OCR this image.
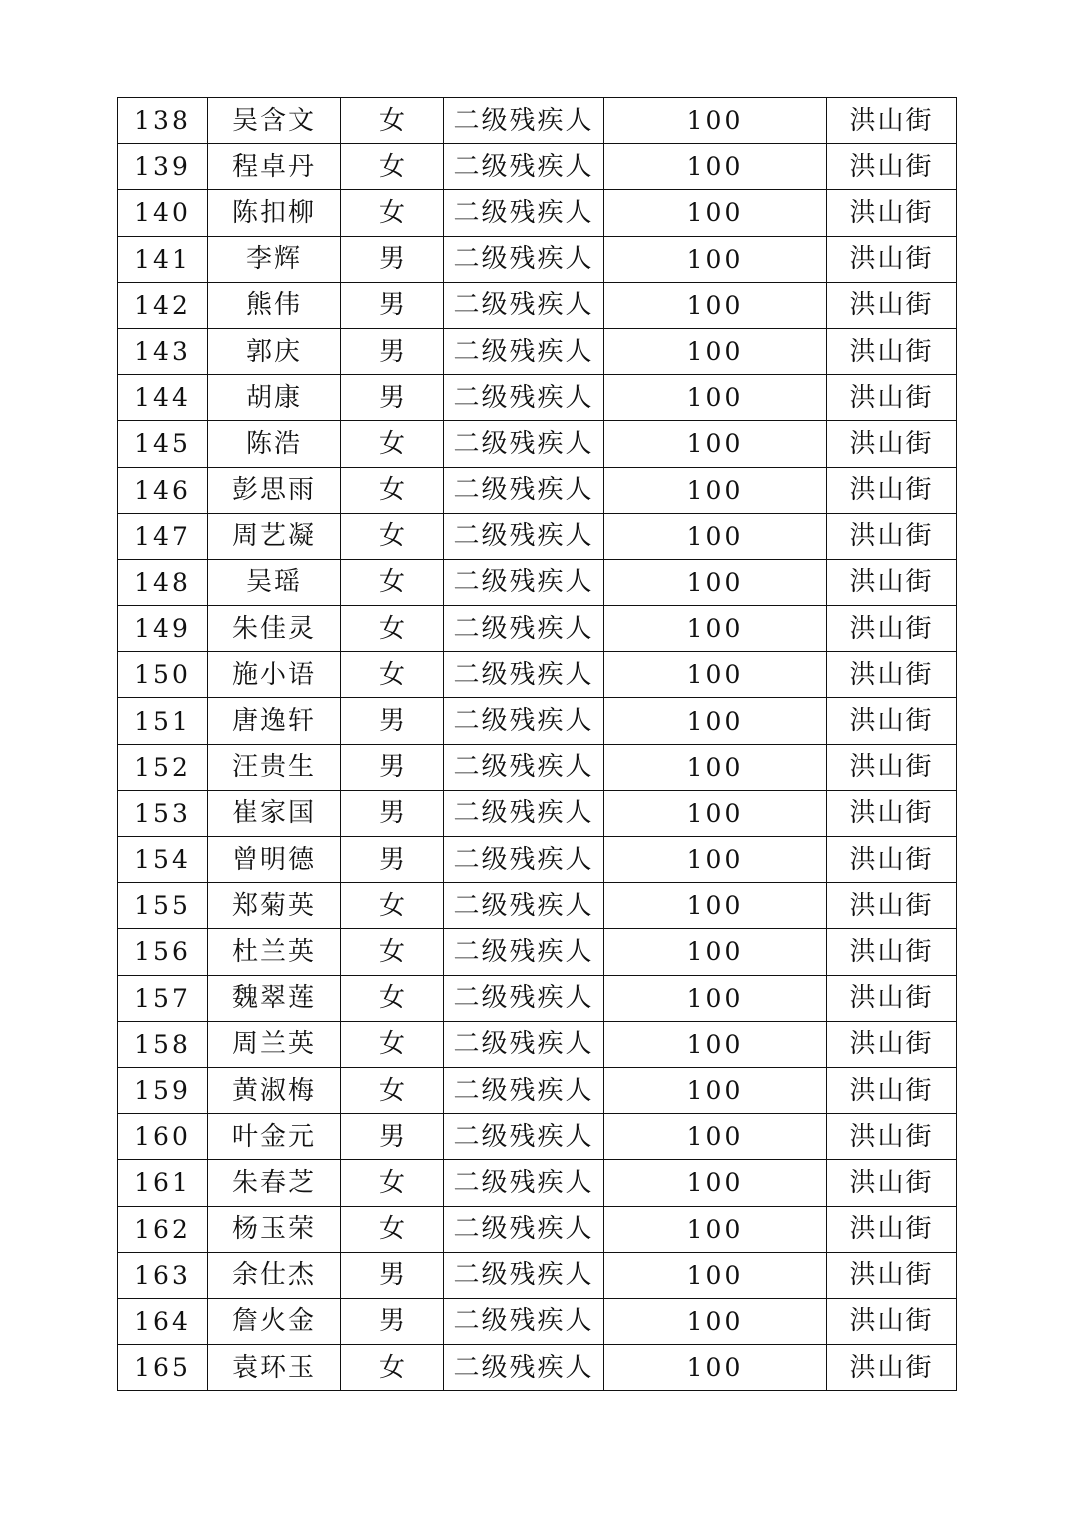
138	吴含文	女	二级残疾人	100	洪山街
139	程卓丹	女	二级残疾人	100	洪山街
140	陈扣柳	女	二级残疾人	100	洪山街
141	李辉	男	二级残疾人	100	洪山街
142	熊伟	男	二级残疾人	100	洪山街
143	郭庆	男	二级残疾人	100	洪山街
144	胡康	男	二级残疾人	100	洪山街
145	陈浩	女	二级残疾人	100	洪山街
146	彭思雨	女	二级残疾人	100	洪山街
147	周艺凝	女	二级残疾人	100	洪山街
148	吴瑶	女	二级残疾人	100	洪山街
149	朱佳灵	女	二级残疾人	100	洪山街
150	施小语	女	二级残疾人	100	洪山街
151	唐逸轩	男	二级残疾人	100	洪山街
152	汪贵生	男	二级残疾人	100	洪山街
153	崔家国	男	二级残疾人	100	洪山街
154	曾明德	男	二级残疾人	100	洪山街
155	郑菊英	女	二级残疾人	100	洪山街
156	杜兰英	女	二级残疾人	100	洪山街
157	魏翠莲	女	二级残疾人	100	洪山街
158	周兰英	女	二级残疾人	100	洪山街
159	黄淑梅	女	二级残疾人	100	洪山街
160	叶金元	男	二级残疾人	100	洪山街
161	朱春芝	女	二级残疾人	100	洪山街
162	杨玉荣	女	二级残疾人	100	洪山街
163	余仕杰	男	二级残疾人	100	洪山街
164	詹火金	男	二级残疾人	100	洪山街
165	袁环玉	女	二级残疾人	100	洪山街
